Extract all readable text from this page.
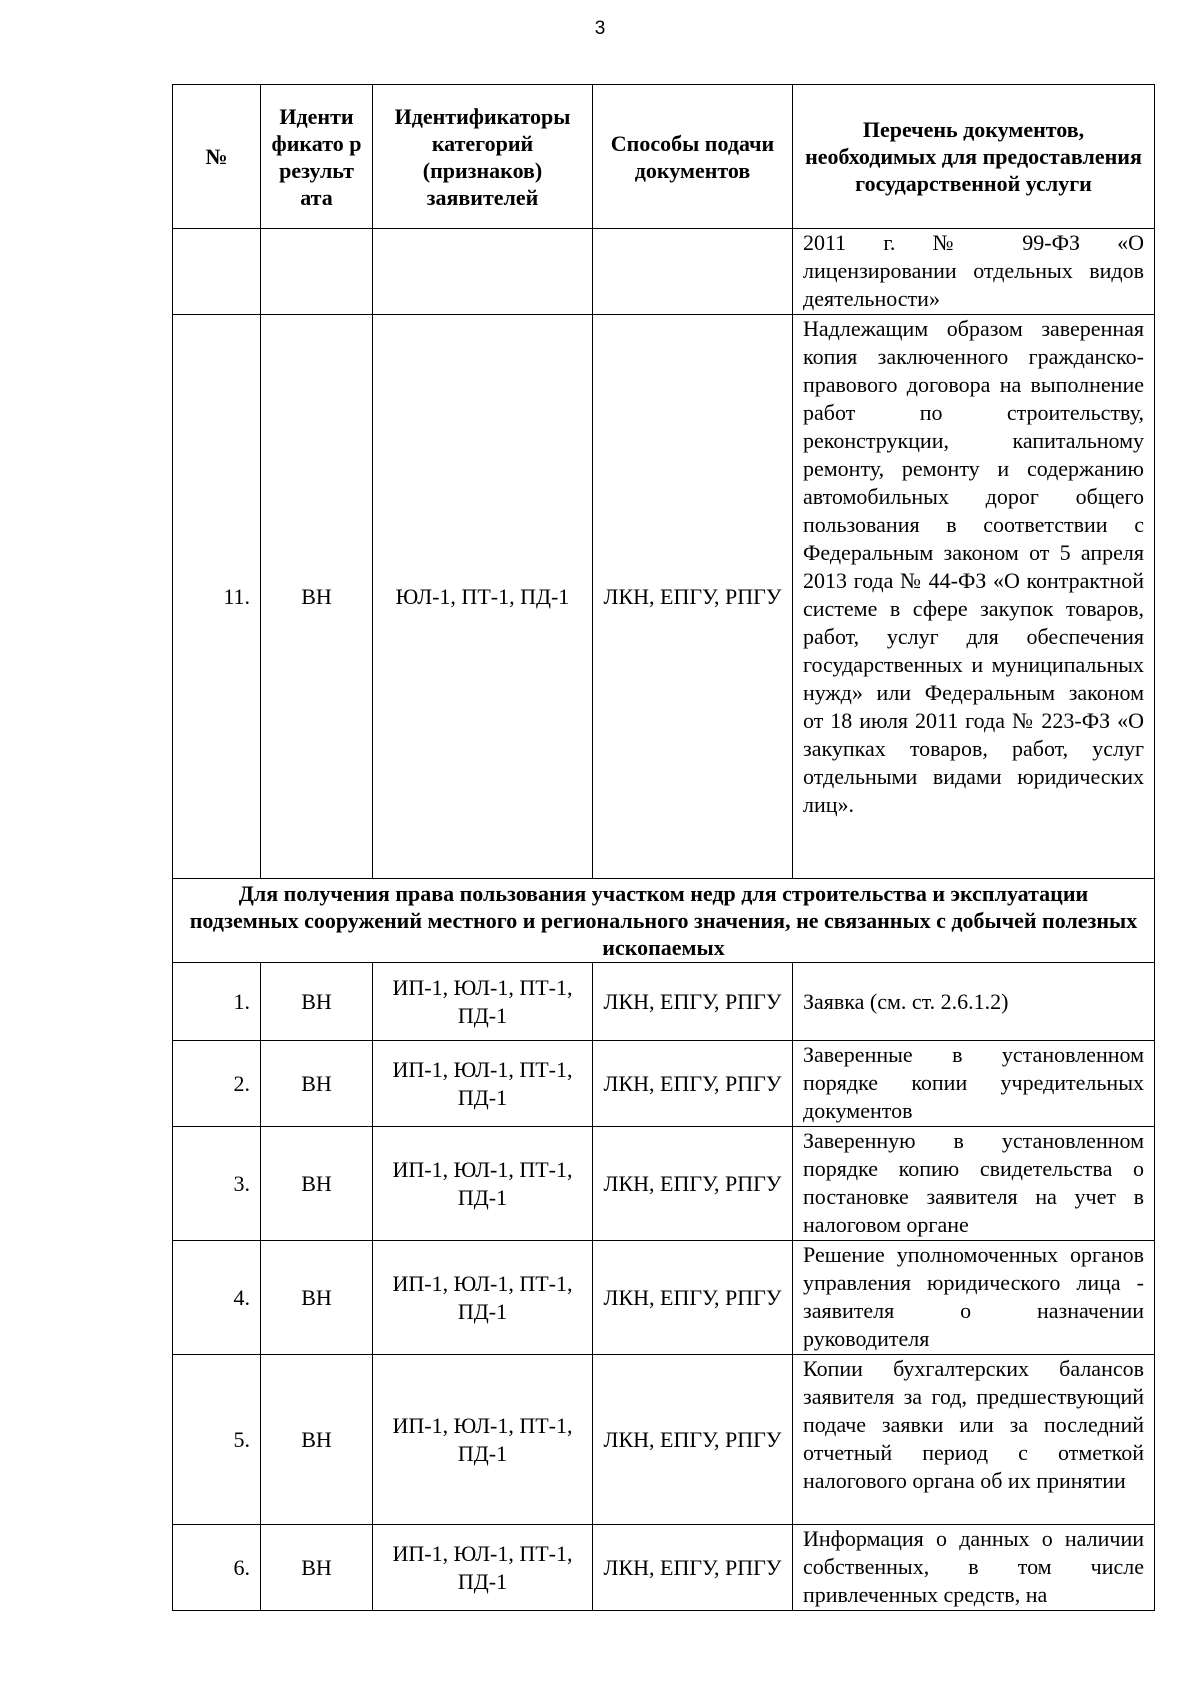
3
№	Иденти фикато р результ ата	Идентификаторы категорий (признаков) заявителей	Способы подачи документов	Перечень документов, необходимых для предоставления государственной услуги
				2011 г. № 99-ФЗ «О лицензировании отдельных видов деятельности»
11.	ВН	ЮЛ-1, ПТ-1, ПД-1	ЛКН, ЕПГУ, РПГУ	Надлежащим образом заверенная копия заключенного гражданско-правового договора на выполнение работ по строительству, реконструкции, капитальному ремонту, ремонту и содержанию автомобильных дорог общего пользования в соответствии с Федеральным законом от 5 апреля 2013 года № 44-ФЗ «О контрактной системе в сфере закупок товаров, работ, услуг для обеспечения государственных и муниципальных нужд» или Федеральным законом от 18 июля 2011 года № 223-ФЗ «О закупках товаров, работ, услуг отдельными видами юридических лиц».
Для получения права пользования участком недр для строительства и эксплуатации подземных сооружений местного и регионального значения, не связанных с добычей полезных ископаемых				
1.	ВН	ИП-1, ЮЛ-1, ПТ-1, ПД-1	ЛКН, ЕПГУ, РПГУ	Заявка (см. ст. 2.6.1.2)
2.	ВН	ИП-1, ЮЛ-1, ПТ-1, ПД-1	ЛКН, ЕПГУ, РПГУ	Заверенные в установленном порядке копии учредительных документов
3.	ВН	ИП-1, ЮЛ-1, ПТ-1, ПД-1	ЛКН, ЕПГУ, РПГУ	Заверенную в установленном порядке копию свидетельства о постановке заявителя на учет в налоговом органе
4.	ВН	ИП-1, ЮЛ-1, ПТ-1, ПД-1	ЛКН, ЕПГУ, РПГУ	Решение уполномоченных органов управления юридического лица - заявителя о назначении руководителя
5.	ВН	ИП-1, ЮЛ-1, ПТ-1, ПД-1	ЛКН, ЕПГУ, РПГУ	Копии бухгалтерских балансов заявителя за год, предшествующий подаче заявки или за последний отчетный период с отметкой налогового органа об их принятии
6.	ВН	ИП-1, ЮЛ-1, ПТ-1, ПД-1	ЛКН, ЕПГУ, РПГУ	Информация о данных о наличии собственных, в том числе привлеченных средств, на
